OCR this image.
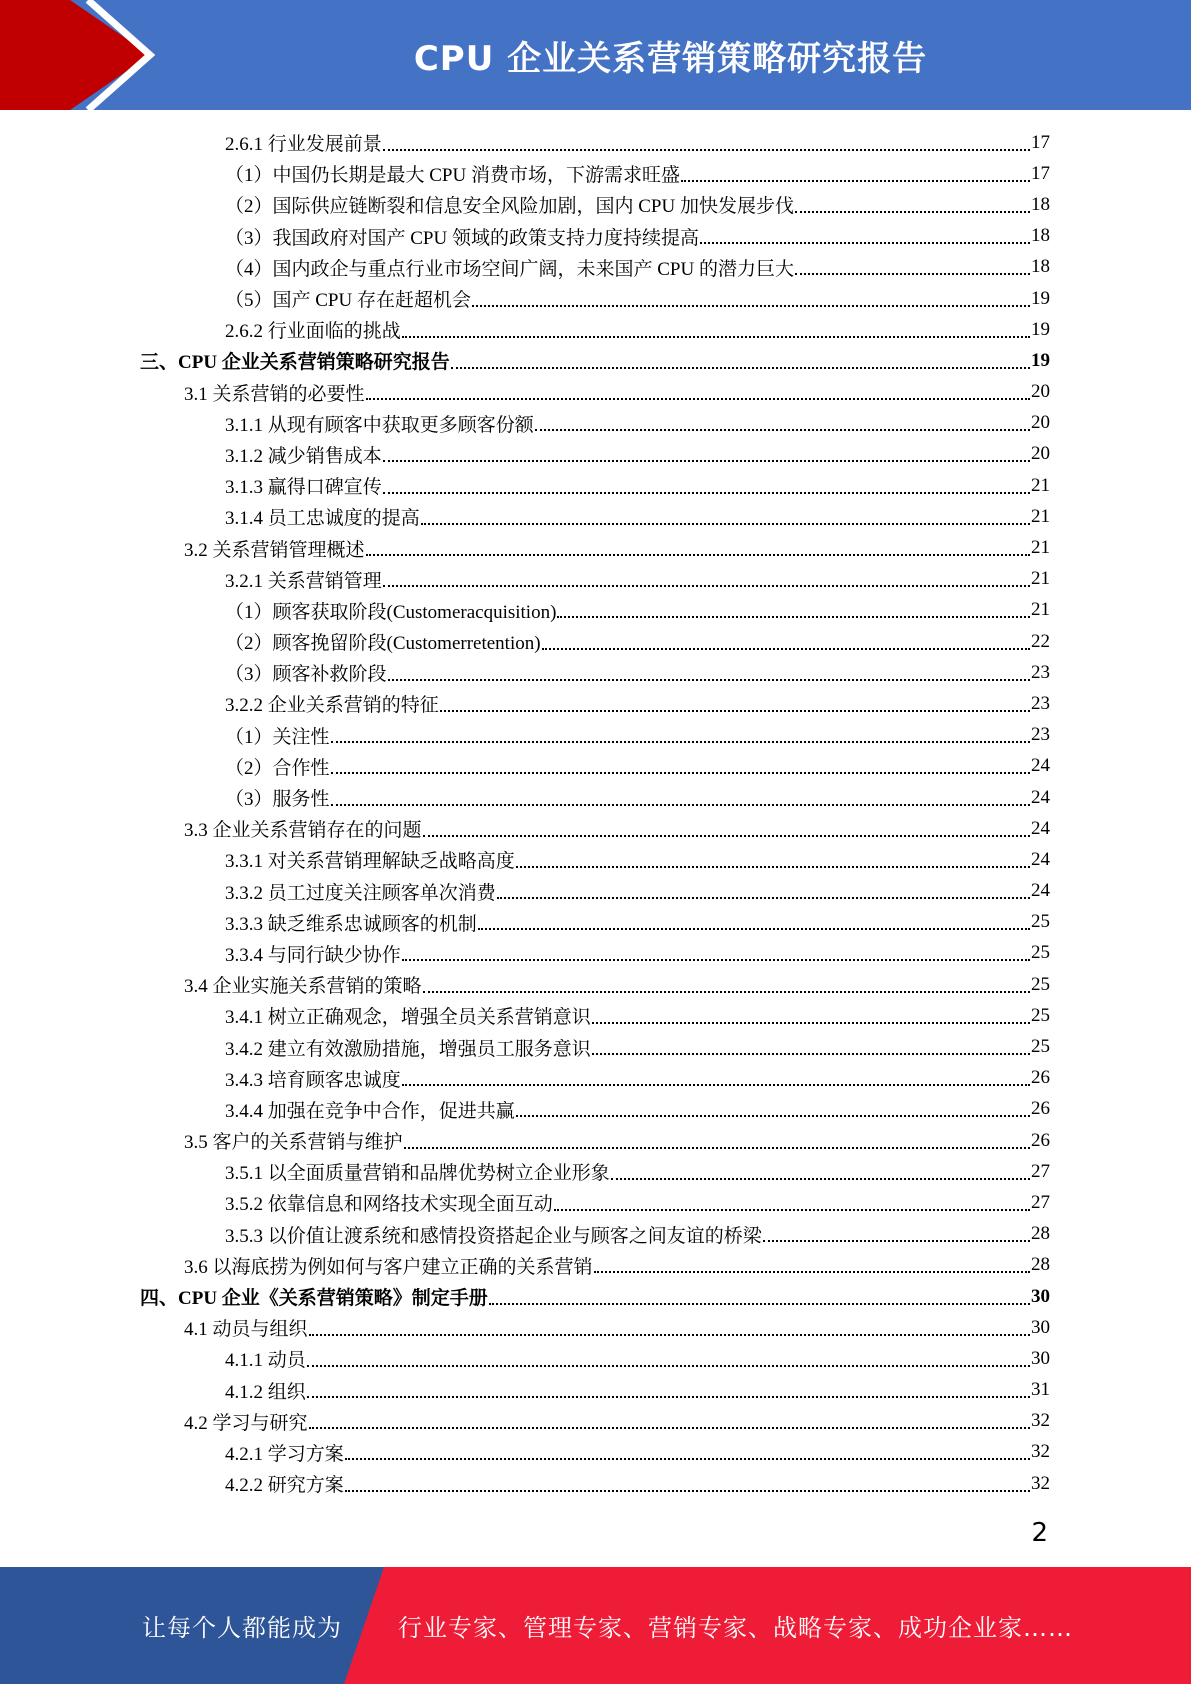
CPU 企业关系营销策略研究报告
2.6.1 行业发展前景	17
（1）中国仍长期是最大 CPU 消费市场，下游需求旺盛	17
（2）国际供应链断裂和信息安全风险加剧，国内 CPU 加快发展步伐	18
（3）我国政府对国产 CPU 领域的政策支持力度持续提高	18
（4）国内政企与重点行业市场空间广阔，未来国产 CPU 的潜力巨大	18
（5）国产 CPU 存在赶超机会	19
2.6.2 行业面临的挑战	19
三、CPU 企业关系营销策略研究报告	19
3.1 关系营销的必要性	20
3.1.1 从现有顾客中获取更多顾客份额	20
3.1.2 减少销售成本	20
3.1.3 赢得口碑宣传	21
3.1.4 员工忠诚度的提高	21
3.2 关系营销管理概述	21
3.2.1 关系营销管理	21
（1）顾客获取阶段(Customeracquisition)	21
（2）顾客挽留阶段(Customerretention)	22
（3）顾客补救阶段	23
3.2.2 企业关系营销的特征	23
（1）关注性	23
（2）合作性	24
（3）服务性	24
3.3 企业关系营销存在的问题	24
3.3.1 对关系营销理解缺乏战略高度	24
3.3.2 员工过度关注顾客单次消费	24
3.3.3 缺乏维系忠诚顾客的机制	25
3.3.4 与同行缺少协作	25
3.4 企业实施关系营销的策略	25
3.4.1 树立正确观念，增强全员关系营销意识	25
3.4.2 建立有效激励措施，增强员工服务意识	25
3.4.3 培育顾客忠诚度	26
3.4.4 加强在竞争中合作，促进共赢	26
3.5 客户的关系营销与维护	26
3.5.1 以全面质量营销和品牌优势树立企业形象	27
3.5.2 依靠信息和网络技术实现全面互动	27
3.5.3 以价值让渡系统和感情投资搭起企业与顾客之间友谊的桥梁	28
3.6 以海底捞为例如何与客户建立正确的关系营销	28
四、CPU 企业《关系营销策略》制定手册	30
4.1 动员与组织	30
4.1.1 动员	30
4.1.2 组织	31
4.2 学习与研究	32
4.2.1 学习方案	32
4.2.2 研究方案	32
2
让每个人都能成为 行业专家、管理专家、营销专家、战略专家、成功企业家……
